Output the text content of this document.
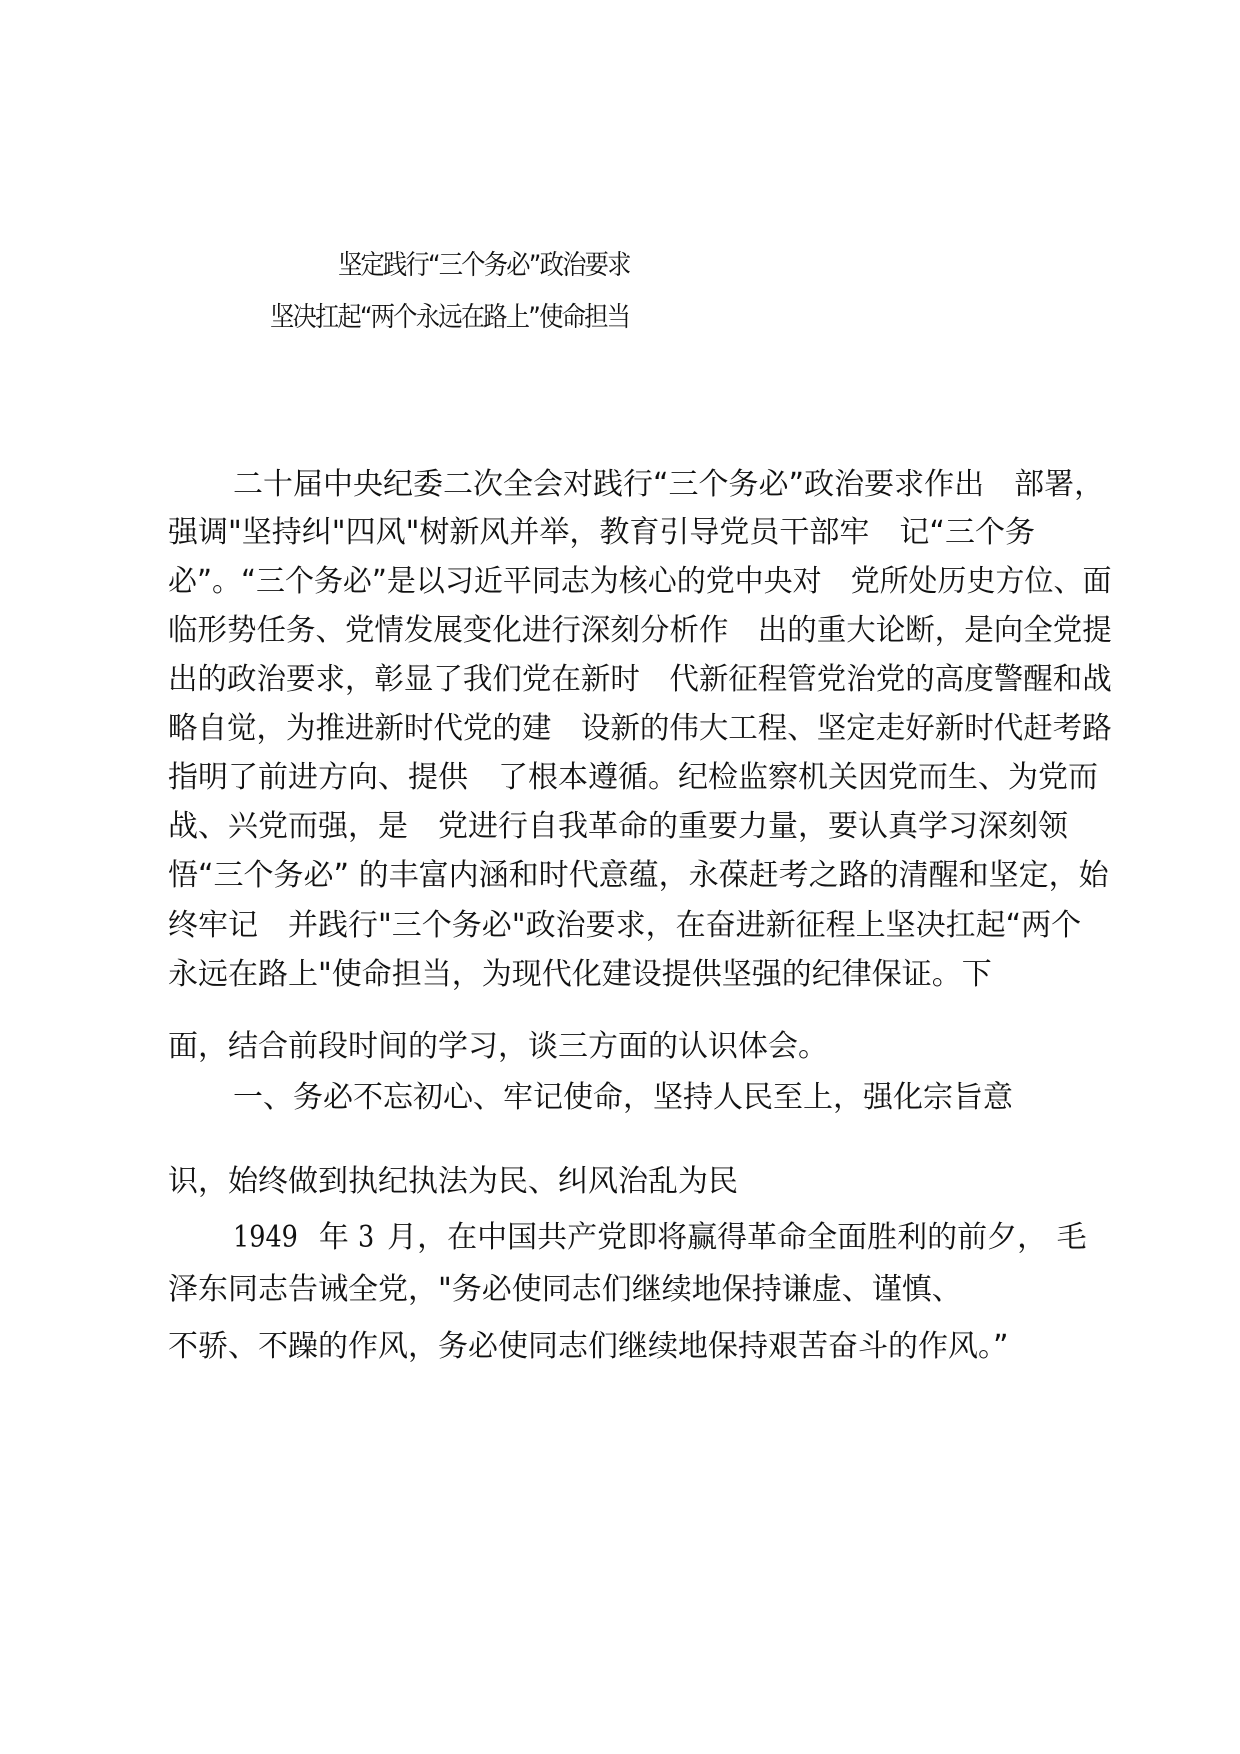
坚定践行“三个务必”政治要求
坚决扛起“两个永远在路上”使命担当
二十届中央纪委二次全会对践行“三个务必”政治要求作出　部署，
强调"坚持纠"四风"树新风并举，教育引导党员干部牢　记“三个务
必”。“三个务必”是以习近平同志为核心的党中央对　党所处历史方位、面
临形势任务、党情发展变化进行深刻分析作　出的重大论断，是向全党提
出的政治要求，彰显了我们党在新时　代新征程管党治党的高度警醒和战
略自觉，为推进新时代党的建　设新的伟大工程、坚定走好新时代赶考路
指明了前进方向、提供　了根本遵循。纪检监察机关因党而生、为党而
战、兴党而强，是　党进行自我革命的重要力量，要认真学习深刻领
悟“三个务必” 的丰富内涵和时代意蕴，永葆赶考之路的清醒和坚定，始
终牢记　并践行"三个务必"政治要求，在奋进新征程上坚决扛起“两个
永远在路上"使命担当，为现代化建设提供坚强的纪律保证。下
面，结合前段时间的学习，谈三方面的认识体会。
一、务必不忘初心、牢记使命，坚持人民至上，强化宗旨意
识，始终做到执纪执法为民、纠风治乱为民
1949 年 3 月，在中国共产党即将赢得革命全面胜利的前夕， 毛
泽东同志告诫全党，"务必使同志们继续地保持谦虚、谨慎、
不骄、不躁的作风，务必使同志们继续地保持艰苦奋斗的作风。”
